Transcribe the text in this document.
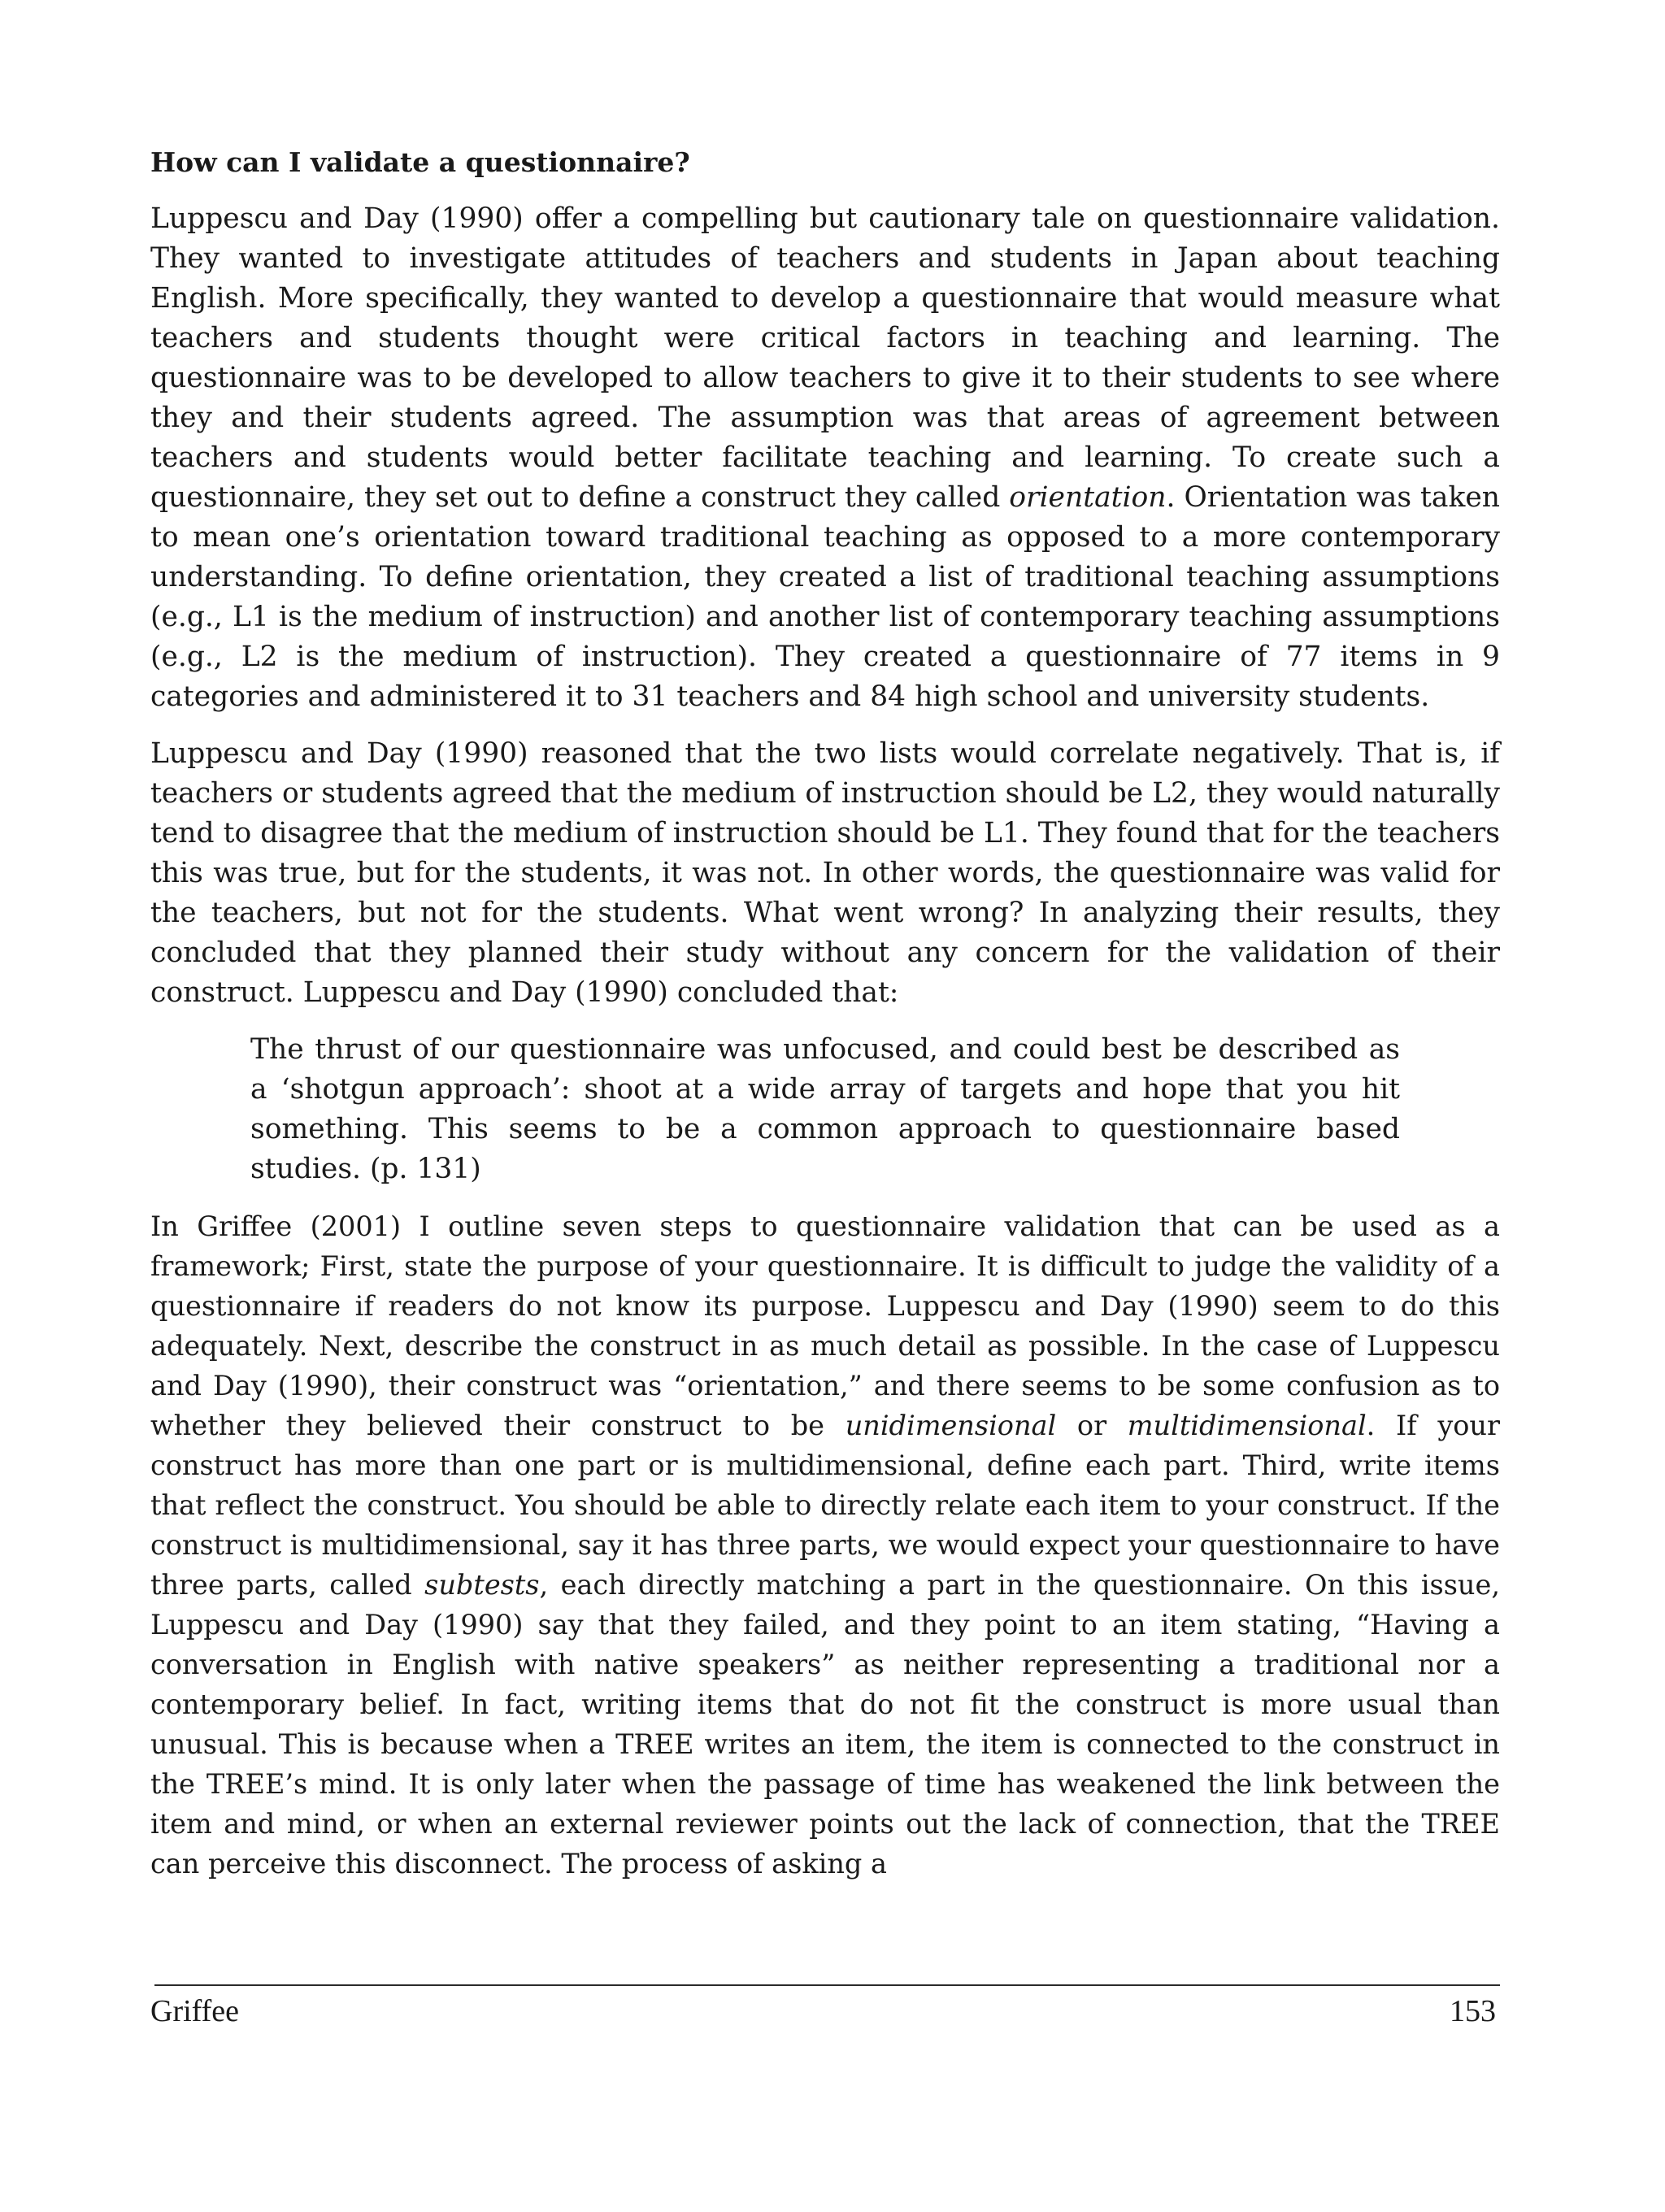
How can I validate a questionnaire?

Luppescu and Day (1990) offer a compelling but cautionary tale on questionnaire validation. They wanted to investigate attitudes of teachers and students in Japan about teaching English. More specifically, they wanted to develop a questionnaire that would measure what teachers and students thought were critical factors in teaching and learning. The questionnaire was to be developed to allow teachers to give it to their students to see where they and their students agreed. The assumption was that areas of agreement between teachers and students would better facilitate teaching and learning. To create such a questionnaire, they set out to define a construct they called orientation. Orientation was taken to mean one’s orientation toward traditional teaching as opposed to a more contemporary understanding. To define orientation, they created a list of traditional teaching assumptions (e.g., L1 is the medium of instruction) and another list of contemporary teaching assumptions (e.g., L2 is the medium of instruction). They created a questionnaire of 77 items in 9 categories and administered it to 31 teachers and 84 high school and university students.

Luppescu and Day (1990) reasoned that the two lists would correlate negatively. That is, if teachers or students agreed that the medium of instruction should be L2, they would naturally tend to disagree that the medium of instruction should be L1. They found that for the teachers this was true, but for the students, it was not. In other words, the questionnaire was valid for the teachers, but not for the students. What went wrong? In analyzing their results, they concluded that they planned their study without any concern for the validation of their construct. Luppescu and Day (1990) concluded that:

The thrust of our questionnaire was unfocused, and could best be described as a ‘shotgun approach’: shoot at a wide array of targets and hope that you hit something. This seems to be a common approach to questionnaire based studies. (p. 131)

In Griffee (2001) I outline seven steps to questionnaire validation that can be used as a framework; First, state the purpose of your questionnaire. It is difficult to judge the validity of a questionnaire if readers do not know its purpose. Luppescu and Day (1990) seem to do this adequately. Next, describe the construct in as much detail as possible. In the case of Luppescu and Day (1990), their construct was “orientation,” and there seems to be some confusion as to whether they believed their construct to be unidimensional or multidimensional. If your construct has more than one part or is multidimensional, define each part. Third, write items that reflect the construct. You should be able to directly relate each item to your construct. If the construct is multidimensional, say it has three parts, we would expect your questionnaire to have three parts, called subtests, each directly matching a part in the questionnaire. On this issue, Luppescu and Day (1990) say that they failed, and they point to an item stating, “Having a conversation in English with native speakers” as neither representing a traditional nor a contemporary belief. In fact, writing items that do not fit the construct is more usual than unusual. This is because when a TREE writes an item, the item is connected to the construct in the TREE’s mind. It is only later when the passage of time has weakened the link between the item and mind, or when an external reviewer points out the lack of connection, that the TREE can perceive this disconnect. The process of asking a

Griffee	153
